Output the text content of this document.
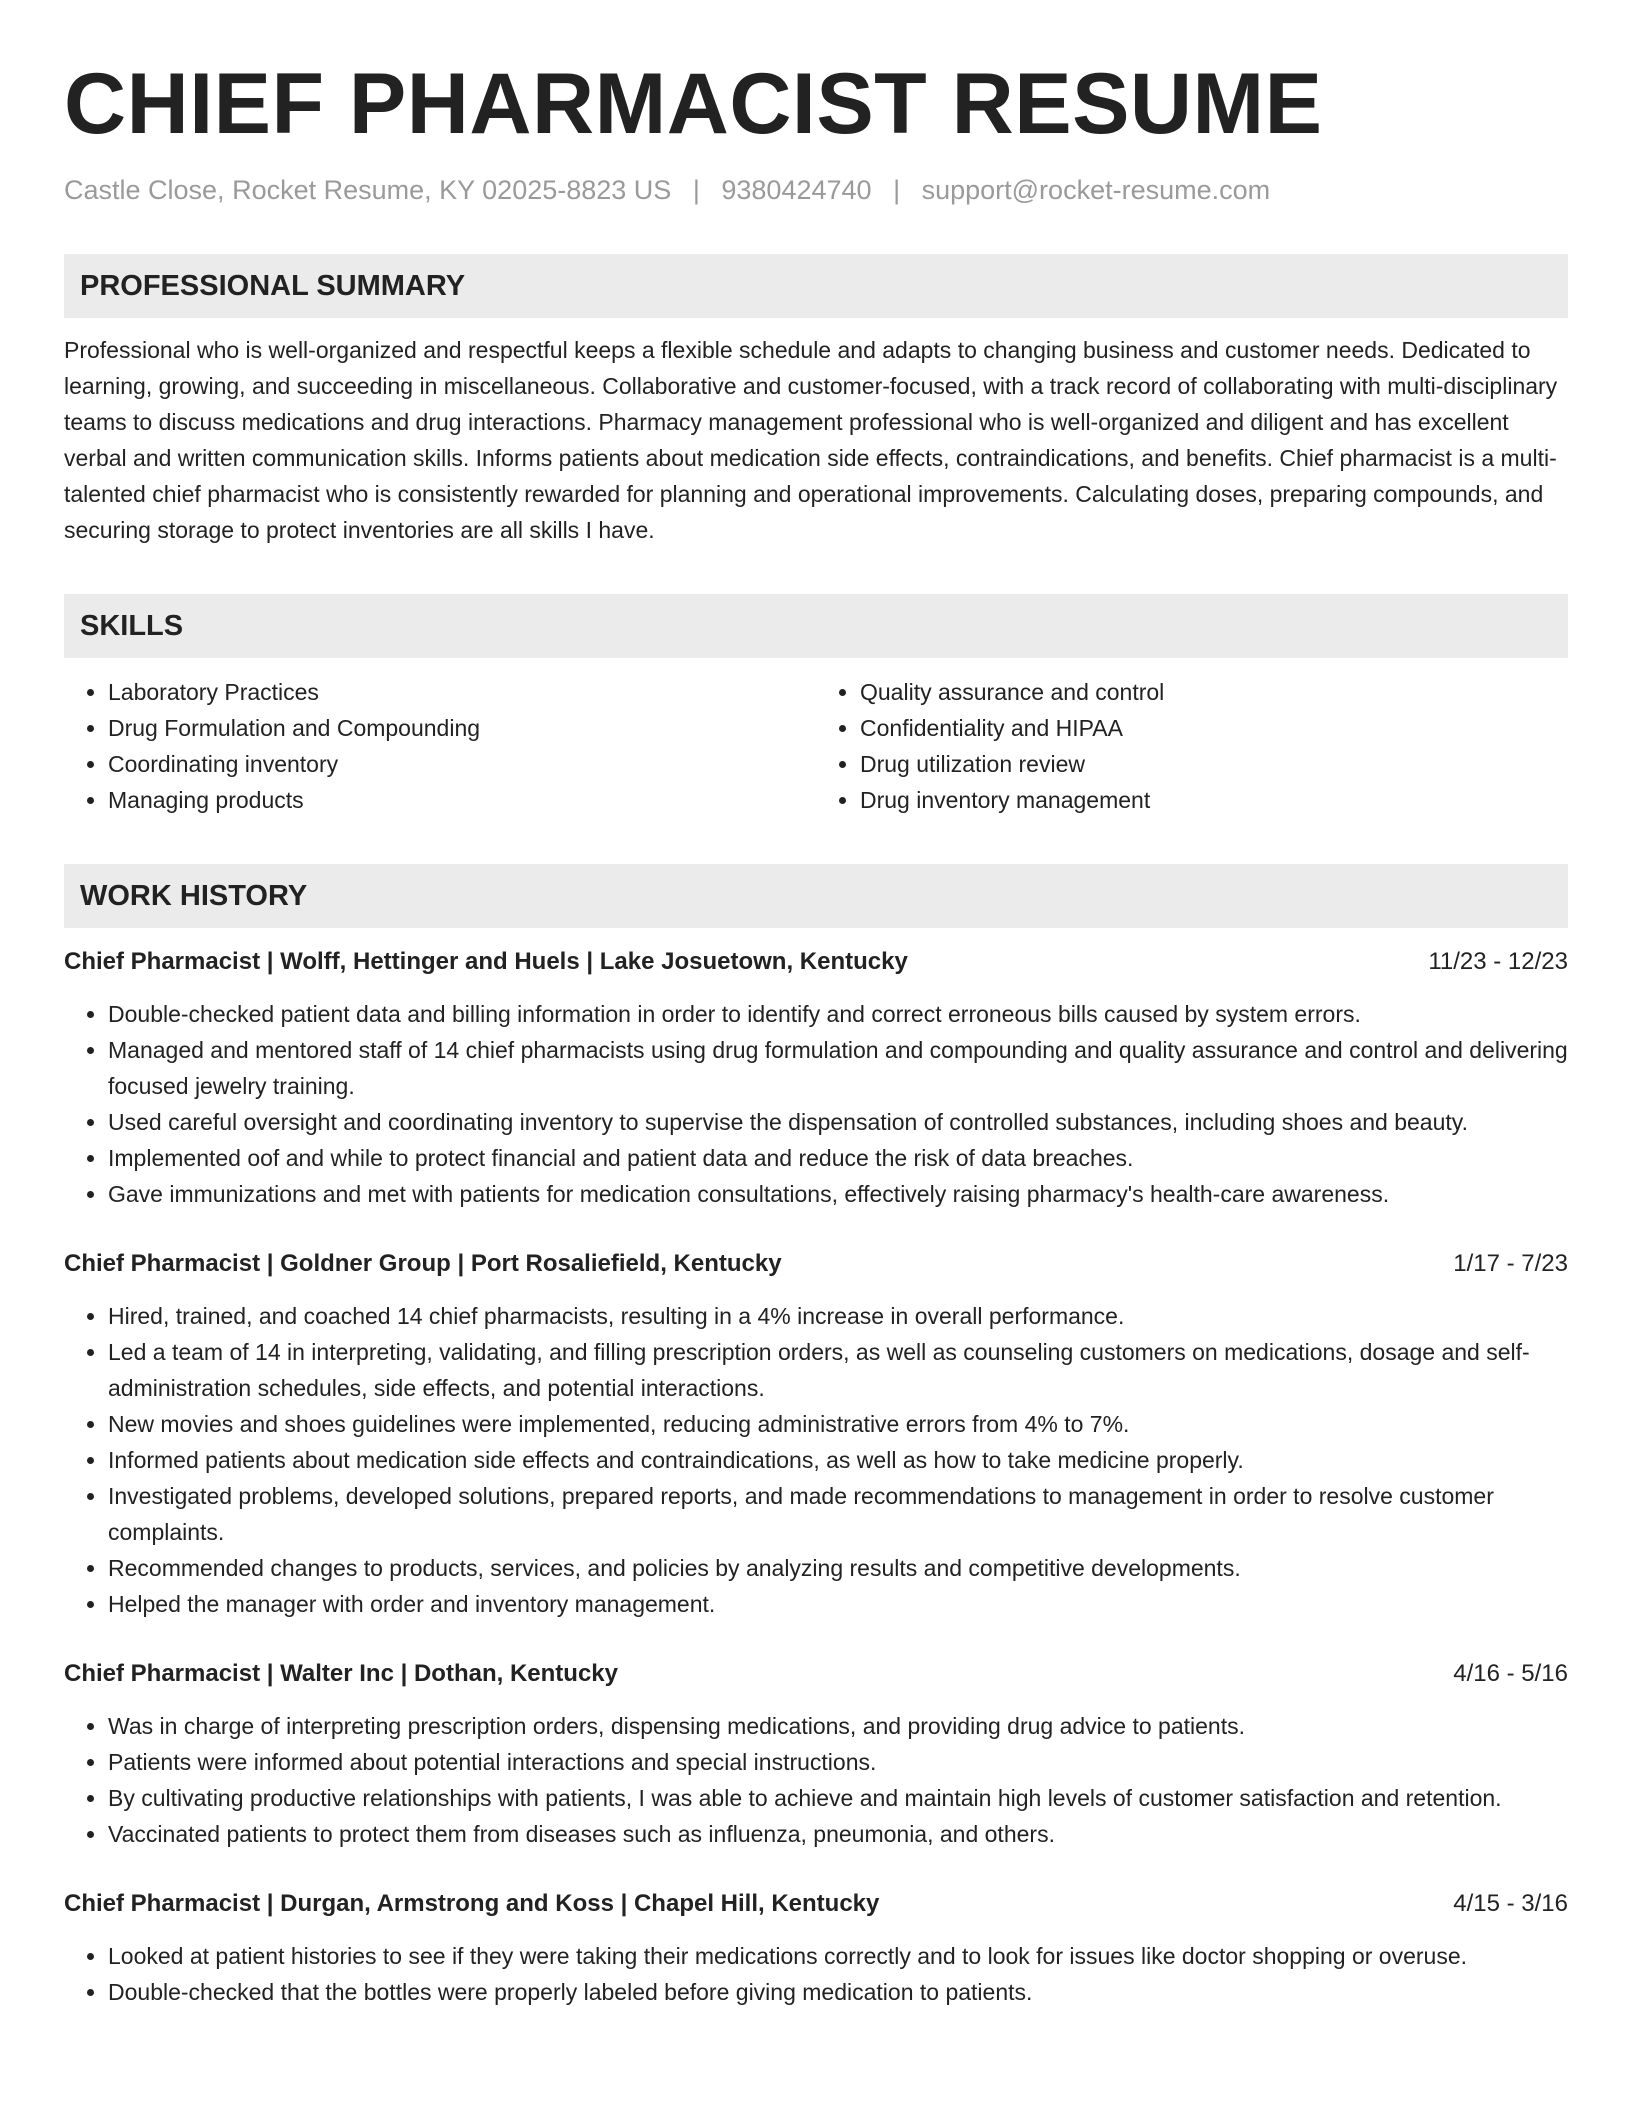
CHIEF PHARMACIST RESUME
Castle Close, Rocket Resume, KY 02025-8823 US | 9380424740 | support@rocket-resume.com
PROFESSIONAL SUMMARY
Professional who is well-organized and respectful keeps a flexible schedule and adapts to changing business and customer needs. Dedicated to learning, growing, and succeeding in miscellaneous. Collaborative and customer-focused, with a track record of collaborating with multi-disciplinary teams to discuss medications and drug interactions. Pharmacy management professional who is well-organized and diligent and has excellent verbal and written communication skills. Informs patients about medication side effects, contraindications, and benefits. Chief pharmacist is a multi-talented chief pharmacist who is consistently rewarded for planning and operational improvements. Calculating doses, preparing compounds, and securing storage to protect inventories are all skills I have.
SKILLS
• Laboratory Practices
• Drug Formulation and Compounding
• Coordinating inventory
• Managing products
• Quality assurance and control
• Confidentiality and HIPAA
• Drug utilization review
• Drug inventory management
WORK HISTORY
Chief Pharmacist | Wolff, Hettinger and Huels | Lake Josuetown, Kentucky	11/23 - 12/23
• Double-checked patient data and billing information in order to identify and correct erroneous bills caused by system errors.
• Managed and mentored staff of 14 chief pharmacists using drug formulation and compounding and quality assurance and control and delivering focused jewelry training.
• Used careful oversight and coordinating inventory to supervise the dispensation of controlled substances, including shoes and beauty.
• Implemented oof and while to protect financial and patient data and reduce the risk of data breaches.
• Gave immunizations and met with patients for medication consultations, effectively raising pharmacy's health-care awareness.
Chief Pharmacist | Goldner Group | Port Rosaliefield, Kentucky	1/17 - 7/23
• Hired, trained, and coached 14 chief pharmacists, resulting in a 4% increase in overall performance.
• Led a team of 14 in interpreting, validating, and filling prescription orders, as well as counseling customers on medications, dosage and self-administration schedules, side effects, and potential interactions.
• New movies and shoes guidelines were implemented, reducing administrative errors from 4% to 7%.
• Informed patients about medication side effects and contraindications, as well as how to take medicine properly.
• Investigated problems, developed solutions, prepared reports, and made recommendations to management in order to resolve customer complaints.
• Recommended changes to products, services, and policies by analyzing results and competitive developments.
• Helped the manager with order and inventory management.
Chief Pharmacist | Walter Inc | Dothan, Kentucky	4/16 - 5/16
• Was in charge of interpreting prescription orders, dispensing medications, and providing drug advice to patients.
• Patients were informed about potential interactions and special instructions.
• By cultivating productive relationships with patients, I was able to achieve and maintain high levels of customer satisfaction and retention.
• Vaccinated patients to protect them from diseases such as influenza, pneumonia, and others.
Chief Pharmacist | Durgan, Armstrong and Koss | Chapel Hill, Kentucky	4/15 - 3/16
• Looked at patient histories to see if they were taking their medications correctly and to look for issues like doctor shopping or overuse.
• Double-checked that the bottles were properly labeled before giving medication to patients.
